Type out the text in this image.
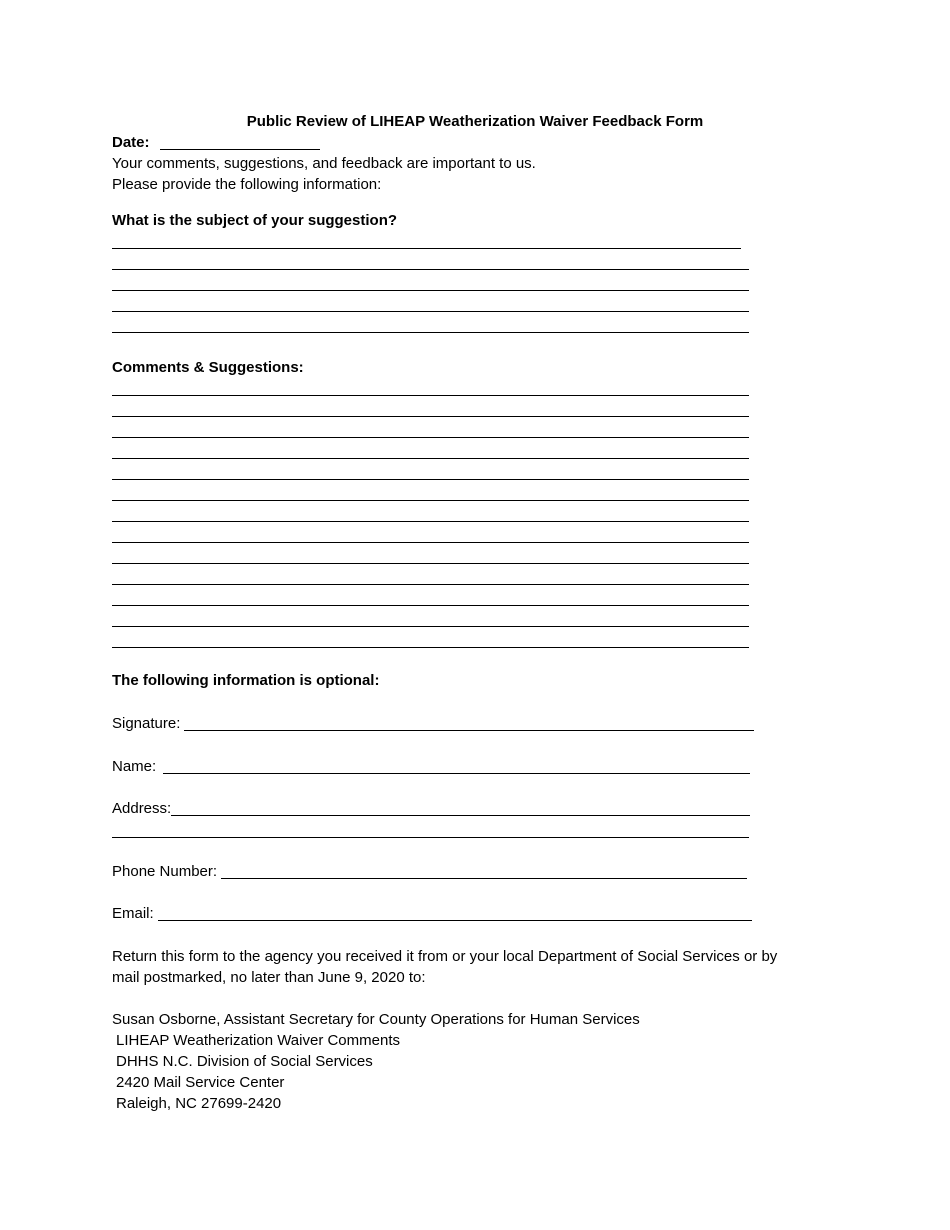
Public Review of LIHEAP Weatherization Waiver Feedback Form
Date:
Your comments, suggestions, and feedback are important to us.
Please provide the following information:
What is the subject of your suggestion?
Comments & Suggestions:
The following information is optional:
Signature:
Name:
Address:
Phone Number:
Email:
Return this form to the agency you received it from or your local Department of Social Services or by
mail postmarked, no later than June 9, 2020 to:
Susan Osborne, Assistant Secretary for County Operations for Human Services
LIHEAP Weatherization Waiver Comments
DHHS N.C. Division of Social Services
2420 Mail Service Center
Raleigh, NC 27699-2420
